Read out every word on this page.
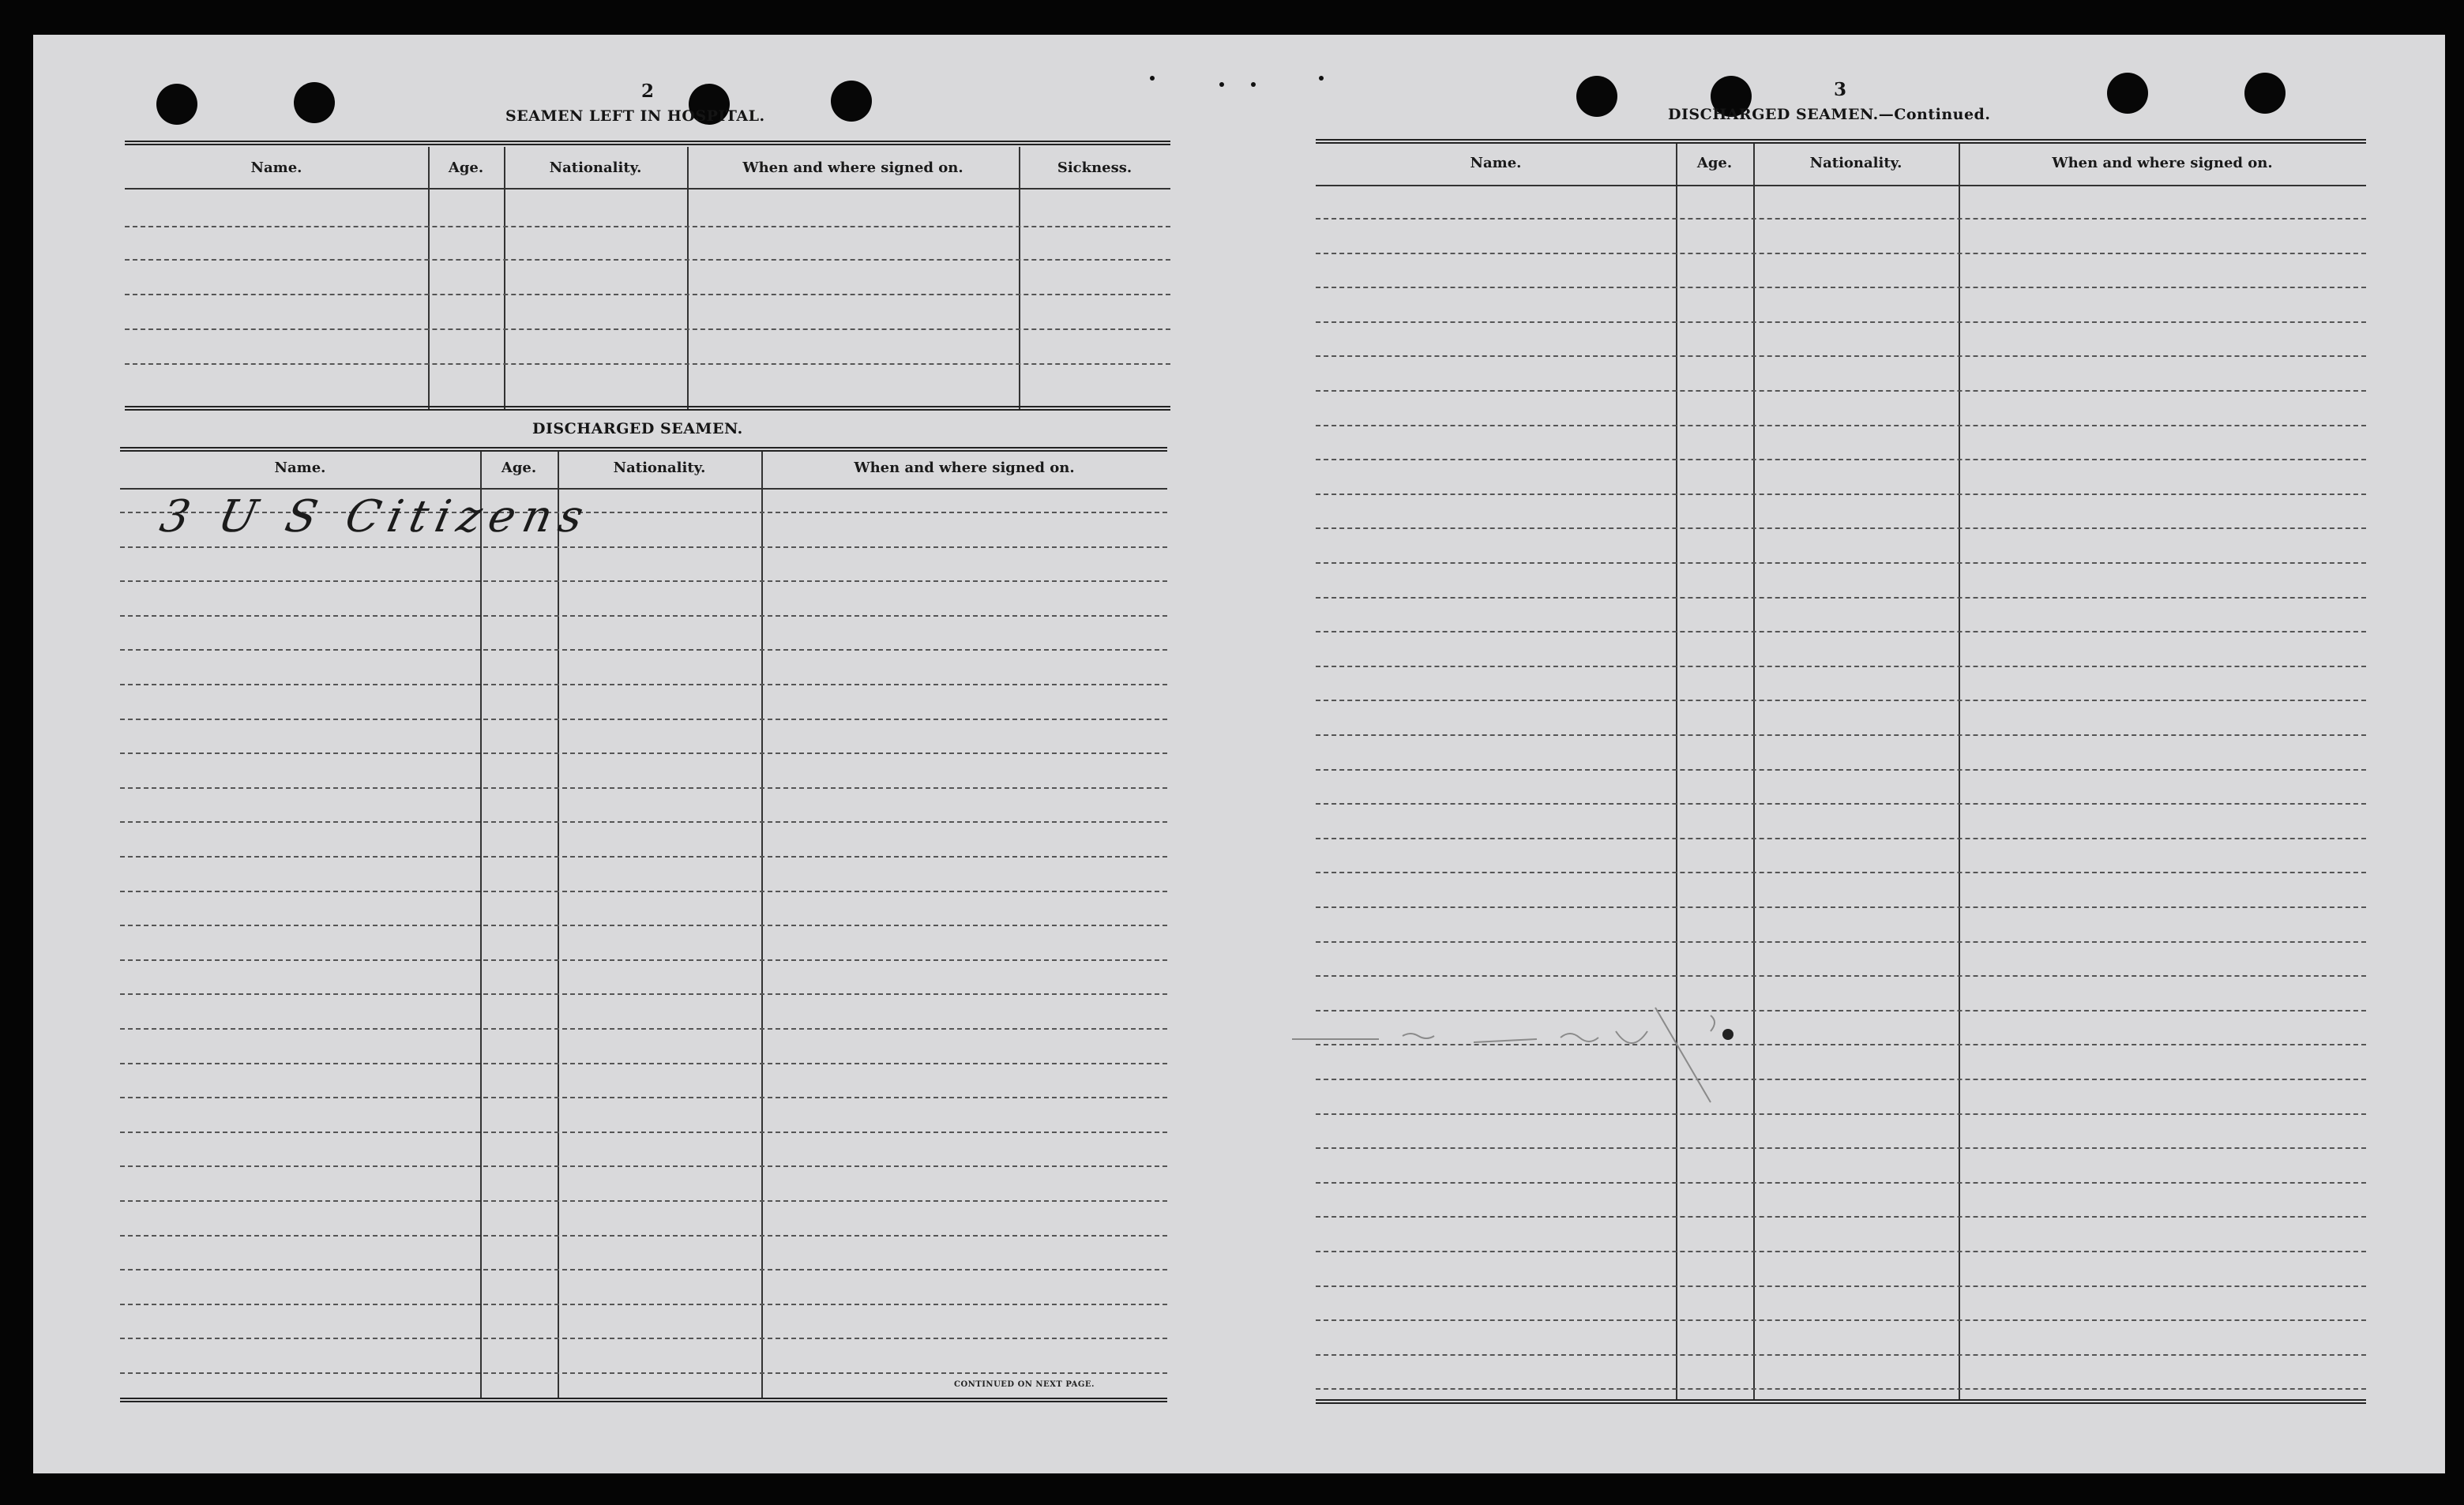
2
SEAMEN LEFT IN HOSPITAL.
Name.	Age.	Nationality.	When and where signed on.	Sickness.
DISCHARGED SEAMEN.
Name.	Age.	Nationality.	When and where signed on.
3 U S Citizens
CONTINUED ON NEXT PAGE.
3
DISCHARGED SEAMEN.—Continued.
Name.	Age.	Nationality.	When and where signed on.
